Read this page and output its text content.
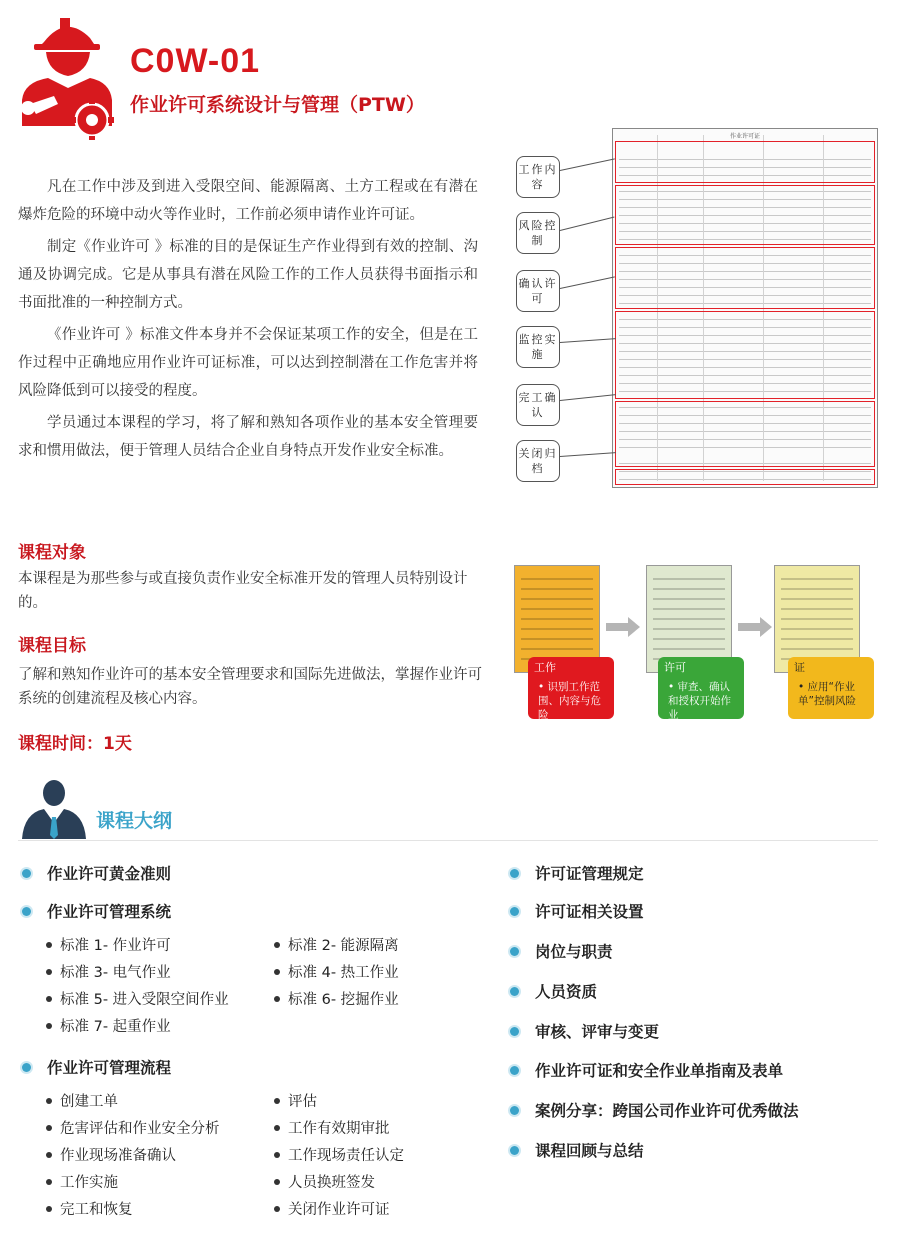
C0W-01
作业许可系统设计与管理（PTW）

凡在工作中涉及到进入受限空间、能源隔离、土方工程或在有潜在爆炸危险的环境中动火等作业时，工作前必须申请作业许可证。

制定《作业许可 》标准的目的是保证生产作业得到有效的控制、沟通及协调完成。它是从事具有潜在风险工作的工作人员获得书面指示和书面批准的一种控制方式。

《作业许可 》标准文件本身并不会保证某项工作的安全，但是在工作过程中正确地应用作业许可证标准，可以达到控制潜在工作危害并将风险降低到可以接受的程度。

学员通过本课程的学习，将了解和熟知各项作业的基本安全管理要求和惯用做法，便于管理人员结合企业自身特点开发作业安全标准。

作业许可证
工作内容
风险控制
确认许可
监控实施
完工确认
关闭归档
课程对象
本课程是为那些参与或直接负责作业安全标准开发的管理人员特别设计的。
课程目标
了解和熟知作业许可的基本安全管理要求和国际先进做法，掌握作业许可系统的创建流程及核心内容。
课程时间：1天
工作
• 识别工作范围、内容与危险
许可
• 审查、确认和授权开始作业
证
• 应用“作业单”控制风险
课程大纲
作业许可黄金准则
作业许可管理系统
标准 1- 作业许可	标准 2- 能源隔离
标准 3- 电气作业	标准 4- 热工作业
标准 5- 进入受限空间作业	标准 6- 挖掘作业
标准 7- 起重作业
作业许可管理流程
创建工单	评估
危害评估和作业安全分析	工作有效期审批
作业现场准备确认	工作现场责任认定
工作实施	人员换班签发
完工和恢复	关闭作业许可证
许可证管理规定
许可证相关设置
岗位与职责
人员资质
审核、评审与变更
作业许可证和安全作业单指南及表单
案例分享：跨国公司作业许可优秀做法
课程回顾与总结
